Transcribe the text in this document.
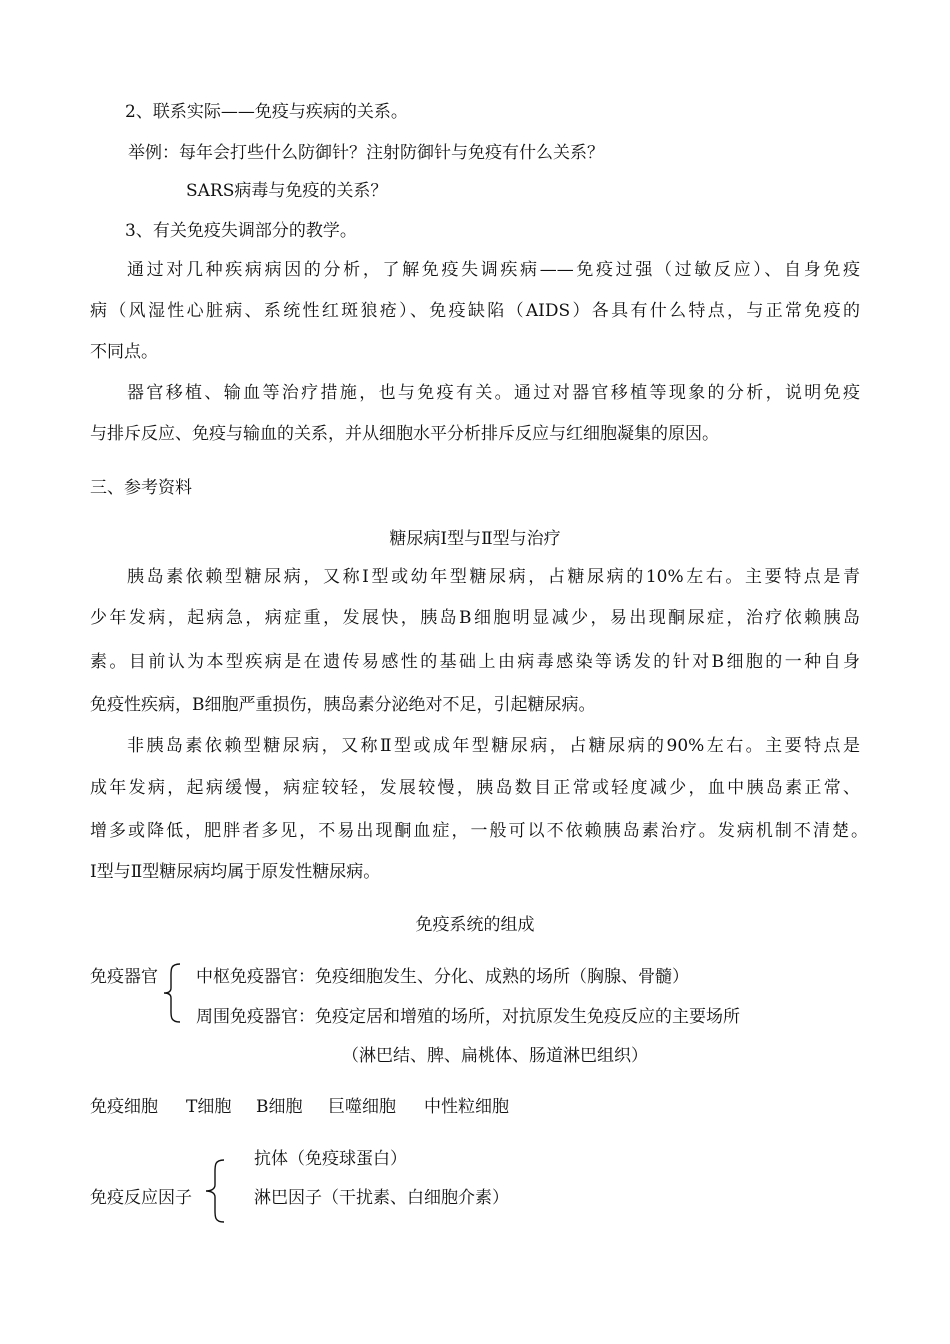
2、联系实际——免疫与疾病的关系。
举例：每年会打些什么防御针？注射防御针与免疫有什么关系？
SARS病毒与免疫的关系？
3、有关免疫失调部分的教学。
通过对几种疾病病因的分析，了解免疫失调疾病——免疫过强（过敏反应）、自身免疫
病（风湿性心脏病、系统性红斑狼疮）、免疫缺陷（AIDS）各具有什么特点，与正常免疫的
不同点。
器官移植、输血等治疗措施，也与免疫有关。通过对器官移植等现象的分析，说明免疫
与排斥反应、免疫与输血的关系，并从细胞水平分析排斥反应与红细胞凝集的原因。
三、参考资料
糖尿病Ⅰ型与Ⅱ型与治疗
胰岛素依赖型糖尿病，又称Ⅰ型或幼年型糖尿病，占糖尿病的10%左右。主要特点是青
少年发病，起病急，病症重，发展快，胰岛B细胞明显减少，易出现酮尿症，治疗依赖胰岛
素。目前认为本型疾病是在遗传易感性的基础上由病毒感染等诱发的针对B细胞的一种自身
免疫性疾病，B细胞严重损伤，胰岛素分泌绝对不足，引起糖尿病。
非胰岛素依赖型糖尿病，又称Ⅱ型或成年型糖尿病，占糖尿病的90%左右。主要特点是
成年发病，起病缓慢，病症较轻，发展较慢，胰岛数目正常或轻度减少，血中胰岛素正常、
增多或降低，肥胖者多见，不易出现酮血症，一般可以不依赖胰岛素治疗。发病机制不清楚。
Ⅰ型与Ⅱ型糖尿病均属于原发性糖尿病。
免疫系统的组成
免疫器官 中枢免疫器官：免疫细胞发生、分化、成熟的场所（胸腺、骨髓）
周围免疫器官：免疫定居和增殖的场所，对抗原发生免疫反应的主要场所
（淋巴结、脾、扁桃体、肠道淋巴组织）
免疫细胞 T细胞 B细胞 巨噬细胞 中性粒细胞
免疫反应因子
抗体（免疫球蛋白）
淋巴因子（干扰素、白细胞介素）
